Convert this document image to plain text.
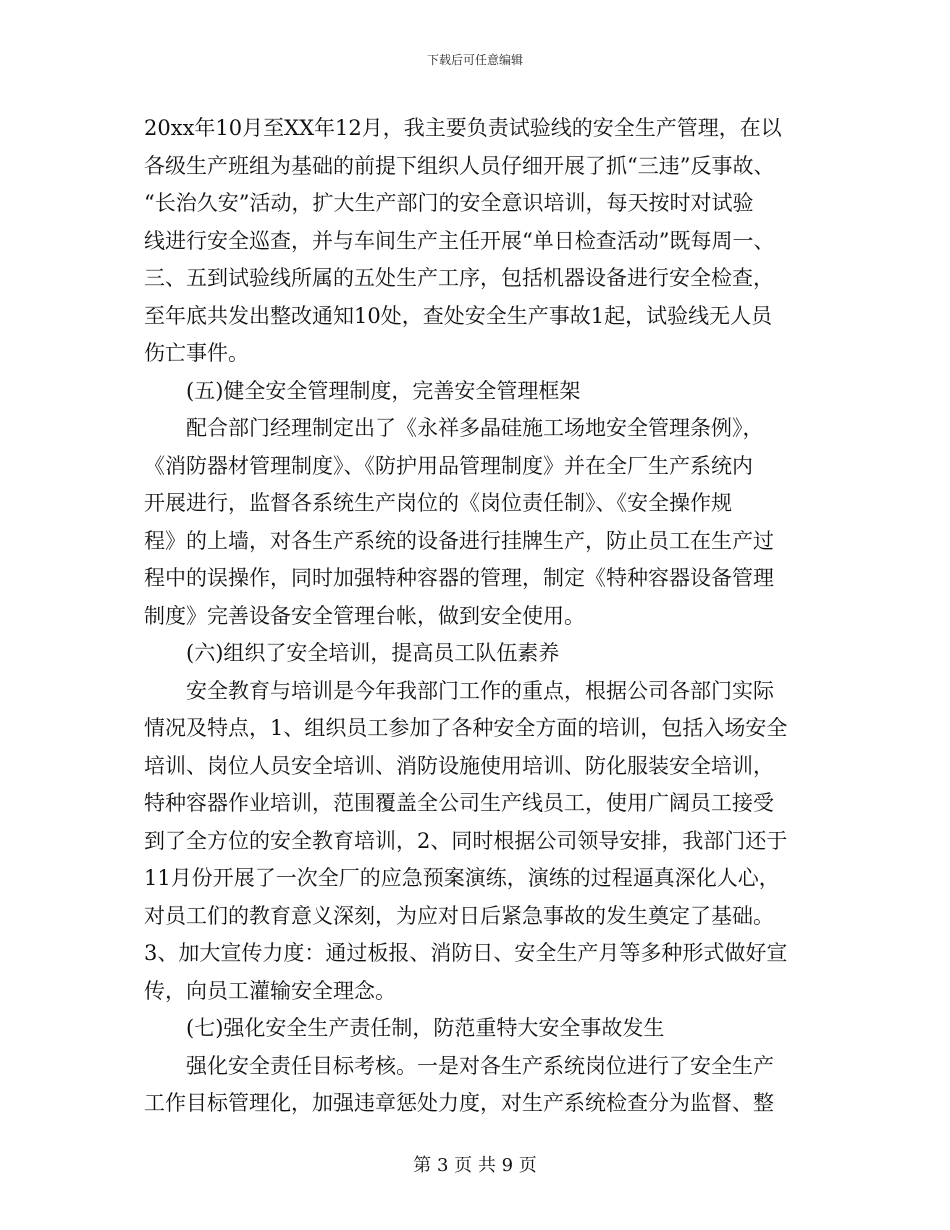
下载后可任意编辑
20xx年10月至XX年12月，我主要负责试验线的安全生产管理，在以
各级生产班组为基础的前提下组织人员仔细开展了抓“三违”反事故、
“长治久安”活动，扩大生产部门的安全意识培训，每天按时对试验
线进行安全巡查，并与车间生产主任开展“单日检查活动”既每周一、
三、五到试验线所属的五处生产工序，包括机器设备进行安全检查，
至年底共发出整改通知10处，查处安全生产事故1起，试验线无人员
伤亡事件。
(五)健全安全管理制度，完善安全管理框架
配合部门经理制定出了《永祥多晶硅施工场地安全管理条例》，
《消防器材管理制度》、《防护用品管理制度》并在全厂生产系统内
开展进行，监督各系统生产岗位的《岗位责任制》、《安全操作规
程》的上墙，对各生产系统的设备进行挂牌生产，防止员工在生产过
程中的误操作，同时加强特种容器的管理，制定《特种容器设备管理
制度》完善设备安全管理台帐，做到安全使用。
(六)组织了安全培训，提高员工队伍素养
安全教育与培训是今年我部门工作的重点，根据公司各部门实际
情况及特点，1、组织员工参加了各种安全方面的培训，包括入场安全
培训、岗位人员安全培训、消防设施使用培训、防化服装安全培训，
特种容器作业培训，范围覆盖全公司生产线员工，使用广阔员工接受
到了全方位的安全教育培训，2、同时根据公司领导安排，我部门还于
11月份开展了一次全厂的应急预案演练，演练的过程逼真深化人心，
对员工们的教育意义深刻，为应对日后紧急事故的发生奠定了基础。
3、加大宣传力度：通过板报、消防日、安全生产月等多种形式做好宣
传，向员工灌输安全理念。
(七)强化安全生产责任制，防范重特大安全事故发生
强化安全责任目标考核。一是对各生产系统岗位进行了安全生产
工作目标管理化，加强违章惩处力度，对生产系统检查分为监督、整
第 3 页 共 9 页
